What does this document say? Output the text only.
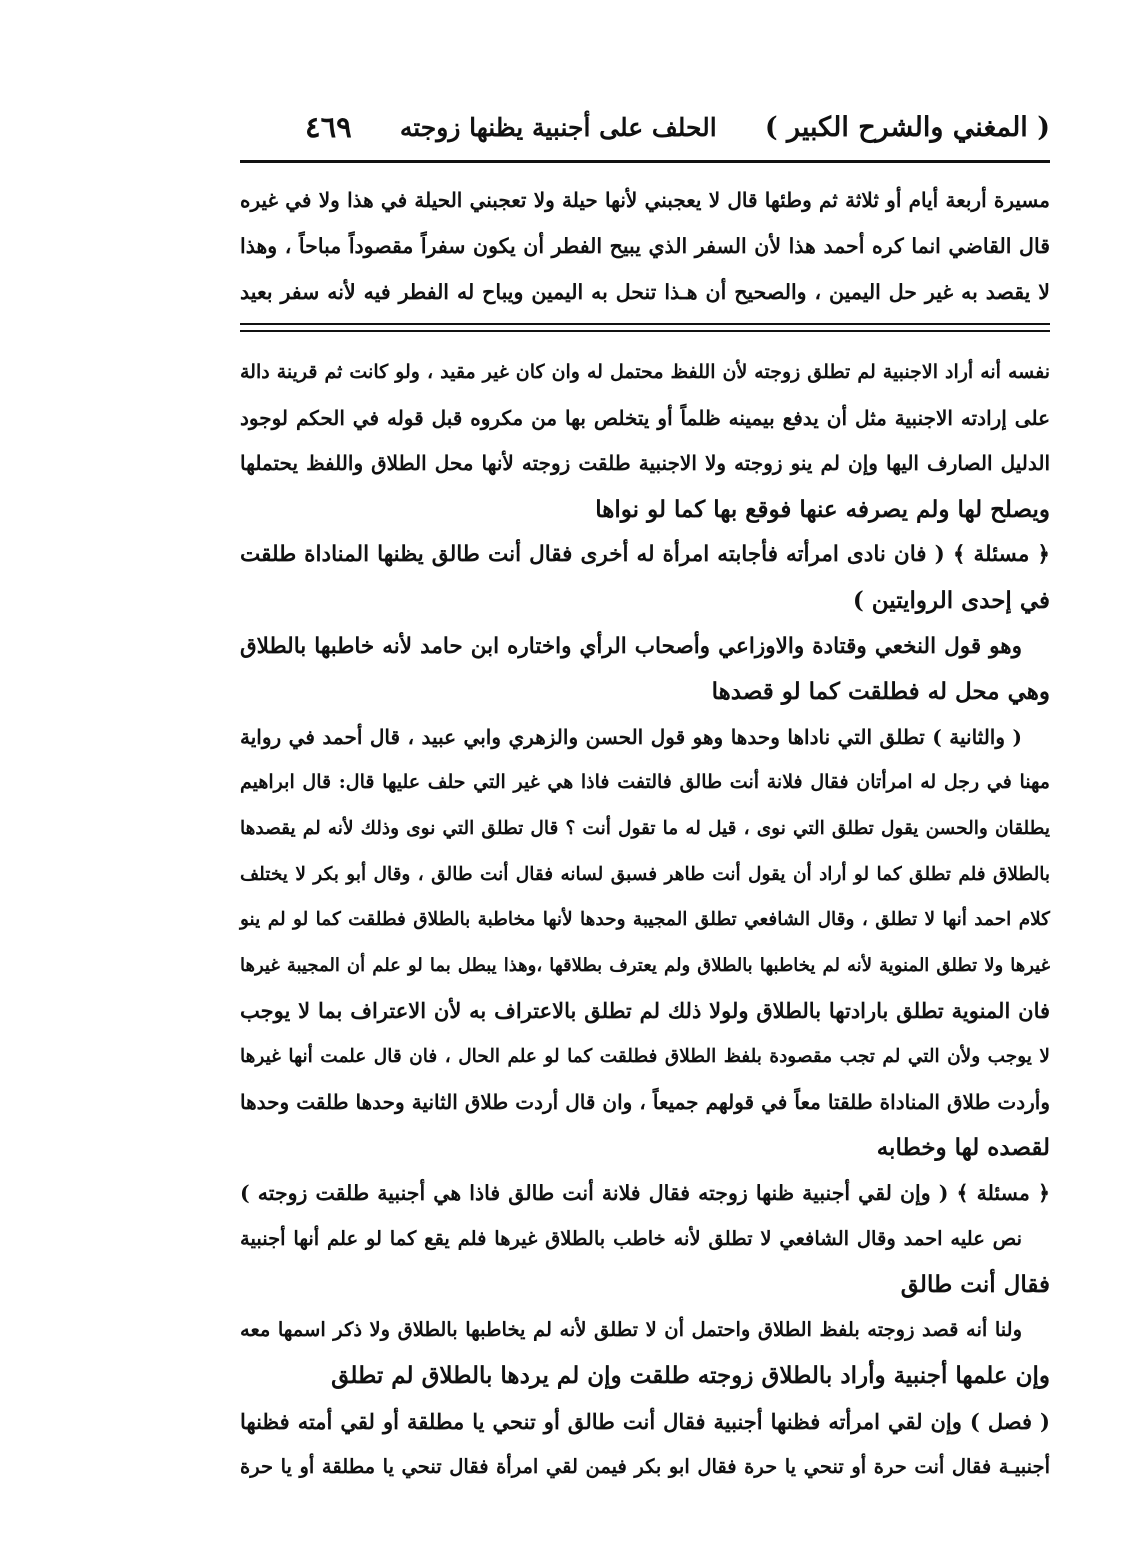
( المغني والشرح الكبير )
الحلف على أجنبية يظنها زوجته
٤٦٩
مسيرة أربعة أيام أو ثلاثة ثم وطئها قال لا يعجبني لأنها حيلة ولا تعجبني الحيلة في هذا ولا في غيره
قال القاضي انما كره أحمد هذا لأن السفر الذي يبيح الفطر أن يكون سفراً مقصوداً مباحاً ، وهذا
لا يقصد به غير حل اليمين ، والصحيح أن هـذا تنحل به اليمين ويباح له الفطر فيه لأنه سفر بعيد
نفسه أنه أراد الاجنبية لم تطلق زوجته لأن اللفظ محتمل له وان كان غير مقيد ، ولو كانت ثم قرينة دالة
على إرادته الاجنبية مثل أن يدفع بيمينه ظلماً أو يتخلص بها من مكروه قبل قوله في الحكم لوجود
الدليل الصارف اليها وإن لم ينو زوجته ولا الاجنبية طلقت زوجته لأنها محل الطلاق واللفظ يحتملها
ويصلح لها ولم يصرفه عنها فوقع بها كما لو نواها
﴿ مسئلة ﴾ ( فان نادى امرأته فأجابته امرأة له أخرى فقال أنت طالق يظنها المناداة طلقت
في إحدى الروايتين )
وهو قول النخعي وقتادة والاوزاعي وأصحاب الرأي واختاره ابن حامد لأنه خاطبها بالطلاق
وهي محل له فطلقت كما لو قصدها
( والثانية ) تطلق التي ناداها وحدها وهو قول الحسن والزهري وابي عبيد ، قال أحمد في رواية
مهنا في رجل له امرأتان فقال فلانة أنت طالق فالتفت فاذا هي غير التي حلف عليها قال: قال ابراهيم
يطلقان والحسن يقول تطلق التي نوى ، قيل له ما تقول أنت ؟ قال تطلق التي نوى وذلك لأنه لم يقصدها
بالطلاق فلم تطلق كما لو أراد أن يقول أنت طاهر فسبق لسانه فقال أنت طالق ، وقال أبو بكر لا يختلف
كلام احمد أنها لا تطلق ، وقال الشافعي تطلق المجيبة وحدها لأنها مخاطبة بالطلاق فطلقت كما لو لم ينو
غيرها ولا تطلق المنوية لأنه لم يخاطبها بالطلاق ولم يعترف بطلاقها ،وهذا يبطل بما لو علم أن المجيبة غيرها
فان المنوية تطلق بارادتها بالطلاق ولولا ذلك لم تطلق بالاعتراف به لأن الاعتراف بما لا يوجب
لا يوجب ولأن التي لم تجب مقصودة بلفظ الطلاق فطلقت كما لو علم الحال ، فان قال علمت أنها غيرها
وأردت طلاق المناداة طلقتا معاً في قولهم جميعاً ، وان قال أردت طلاق الثانية وحدها طلقت وحدها
لقصده لها وخطابه
﴿ مسئلة ﴾ ( وإن لقي أجنبية ظنها زوجته فقال فلانة أنت طالق فاذا هي أجنبية طلقت زوجته )
نص عليه احمد وقال الشافعي لا تطلق لأنه خاطب بالطلاق غيرها فلم يقع كما لو علم أنها أجنبية
فقال أنت طالق
ولنا أنه قصد زوجته بلفظ الطلاق واحتمل أن لا تطلق لأنه لم يخاطبها بالطلاق ولا ذكر اسمها معه
وإن علمها أجنبية وأراد بالطلاق زوجته طلقت وإن لم يردها بالطلاق لم تطلق
( فصل ) وإن لقي امرأته فظنها أجنبية فقال أنت طالق أو تنحي يا مطلقة أو لقي أمته فظنها
أجنبيـة فقال أنت حرة أو تنحي يا حرة فقال ابو بكر فيمن لقي امرأة فقال تنحي يا مطلقة أو يا حرة
